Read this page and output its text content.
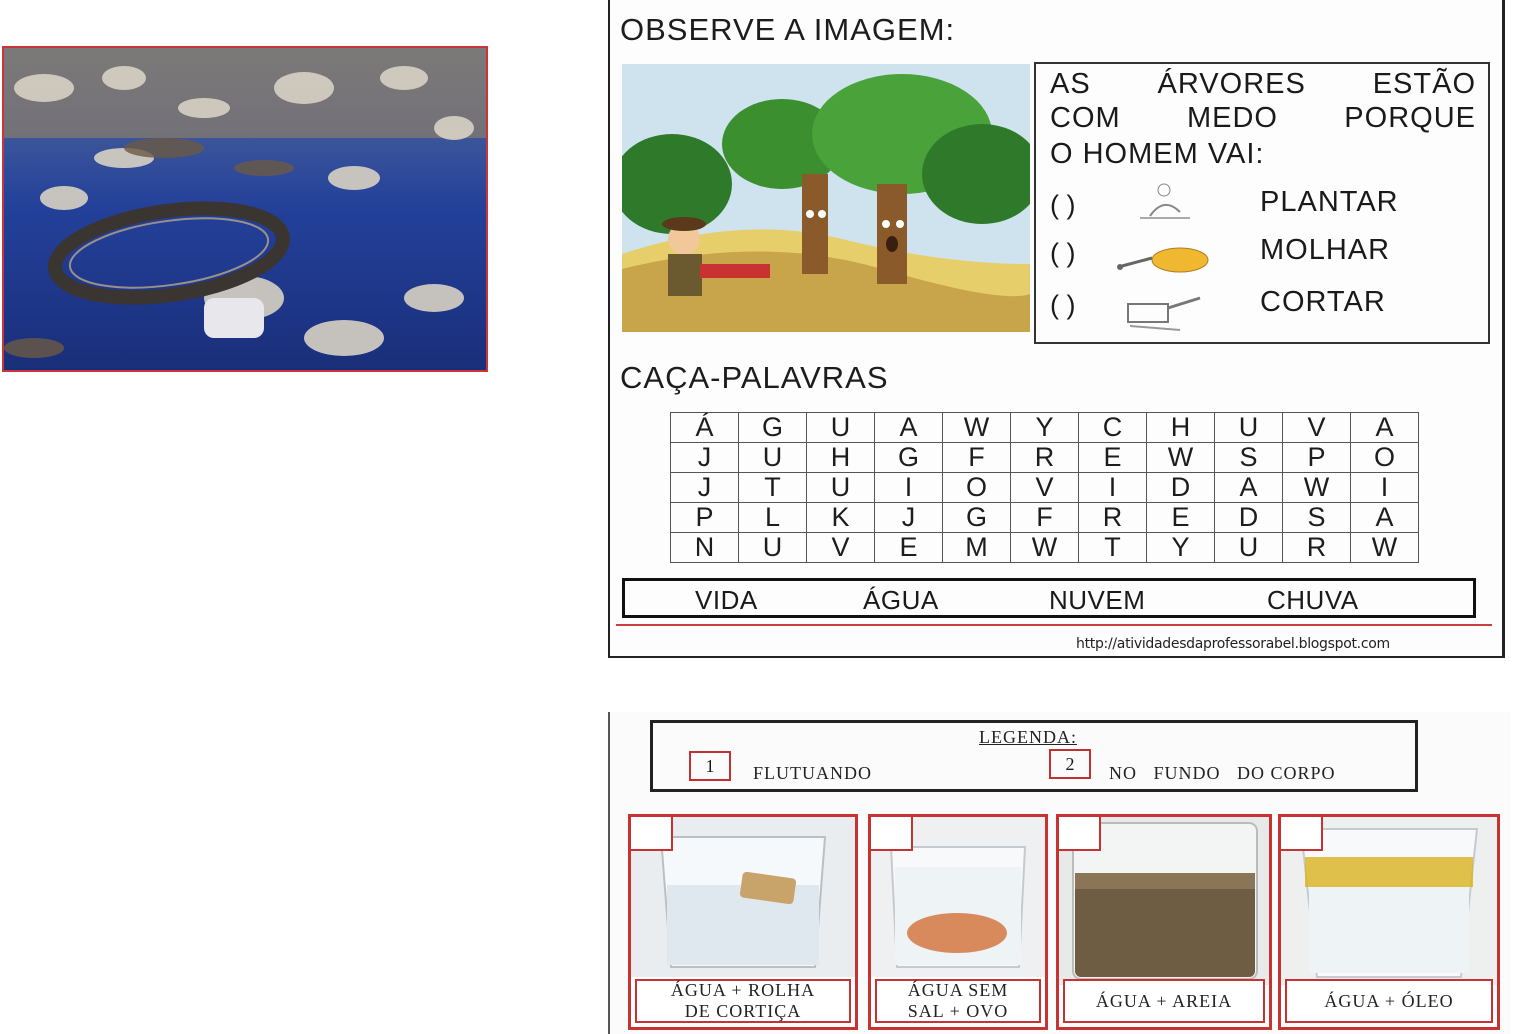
OBSERVE A IMAGEM:
AS ÁRVORES ESTÃO
COM MEDO PORQUE
O HOMEM VAI:
( )	PLANTAR
( )	MOLHAR
( )	CORTAR
CAÇA-PALAVRAS
Á	G	U	A	W	Y	C	H	U	V	A
J	U	H	G	F	R	E	W	S	P	O
J	T	U	I	O	V	I	D	A	W	I
P	L	K	J	G	F	R	E	D	S	A
N	U	V	E	M	W	T	Y	U	R	W
VIDA	ÁGUA	NUVEM	CHUVA
http://atividadesdaprofessorabel.blogspot.com
LEGENDA:
1	FLUTUANDO	2	NO   FUNDO   DO CORPO
ÁGUA + ROLHA
DE CORTIÇA
ÁGUA SEM
SAL + OVO
ÁGUA + AREIA	ÁGUA + ÓLEO
